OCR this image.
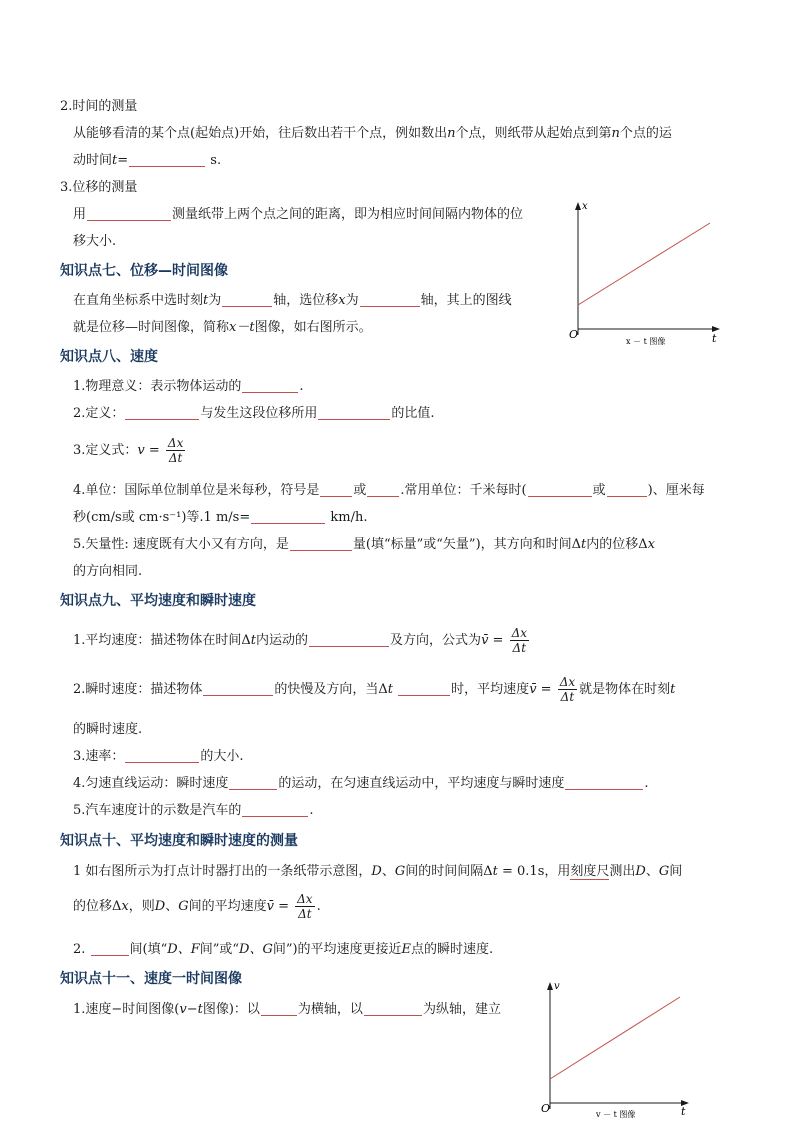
2.时间的测量
从能够看清的某个点(起始点)开始，往后数出若干个点，例如数出n个点，则纸带从起始点到第n个点的运
动时间t=	s.
3.位移的测量
用	测量纸带上两个点之间的距离，即为相应时间间隔内物体的位
移大小.
x
t
O
x － t 图像
知识点七、位移—时间图像
在直角坐标系中选时刻t为	轴，选位移x为	轴，其上的图线
就是位移—时间图像，简称x－t图像，如右图所示。
知识点八、速度
1.物理意义：表示物体运动的	.
2.定义：	与发生这段位移所用	的比值.
3.定义式：$v = \frac{\Delta x}{\Delta t}$
4.单位：国际单位制单位是米每秒，符号是	或	.常用单位：千米每时(	或	)、厘米每
秒(cm/s或 cm·s⁻¹)等.1 m/s=	km/h.
5.矢量性: 速度既有大小又有方向，是	量(填“标量”或“矢量”)，其方向和时间Δt内的位移Δx
的方向相同.
知识点九、平均速度和瞬时速度
1.平均速度：描述物体在时间Δt内运动的	及方向，公式为v̄ = $\frac{\Delta x}{\Delta t}$
2.瞬时速度：描述物体	的快慢及方向，当Δt	时，平均速度v̄ = $\frac{\Delta x}{\Delta t}$ 就是物体在时刻t
的瞬时速度.
3.速率：	的大小.
4.匀速直线运动：瞬时速度	的运动，在匀速直线运动中，平均速度与瞬时速度	.
5.汽车速度计的示数是汽车的	.
知识点十、平均速度和瞬时速度的测量
1 如右图所示为打点计时器打出的一条纸带示意图，D、G间的时间间隔Δt = 0.1s，用刻度尺测出D、G间
的位移Δx，则D、G间的平均速度v̄ = $\frac{\Delta x}{\Delta t}$ .
2.	间(填“D、F间”或“D、G间”)的平均速度更接近E点的瞬时速度.
知识点十一、速度一时间图像
1.速度−时间图像(v−t图像)：以	为横轴，以	为纵轴，建立
v
t
O	v － t 图像
